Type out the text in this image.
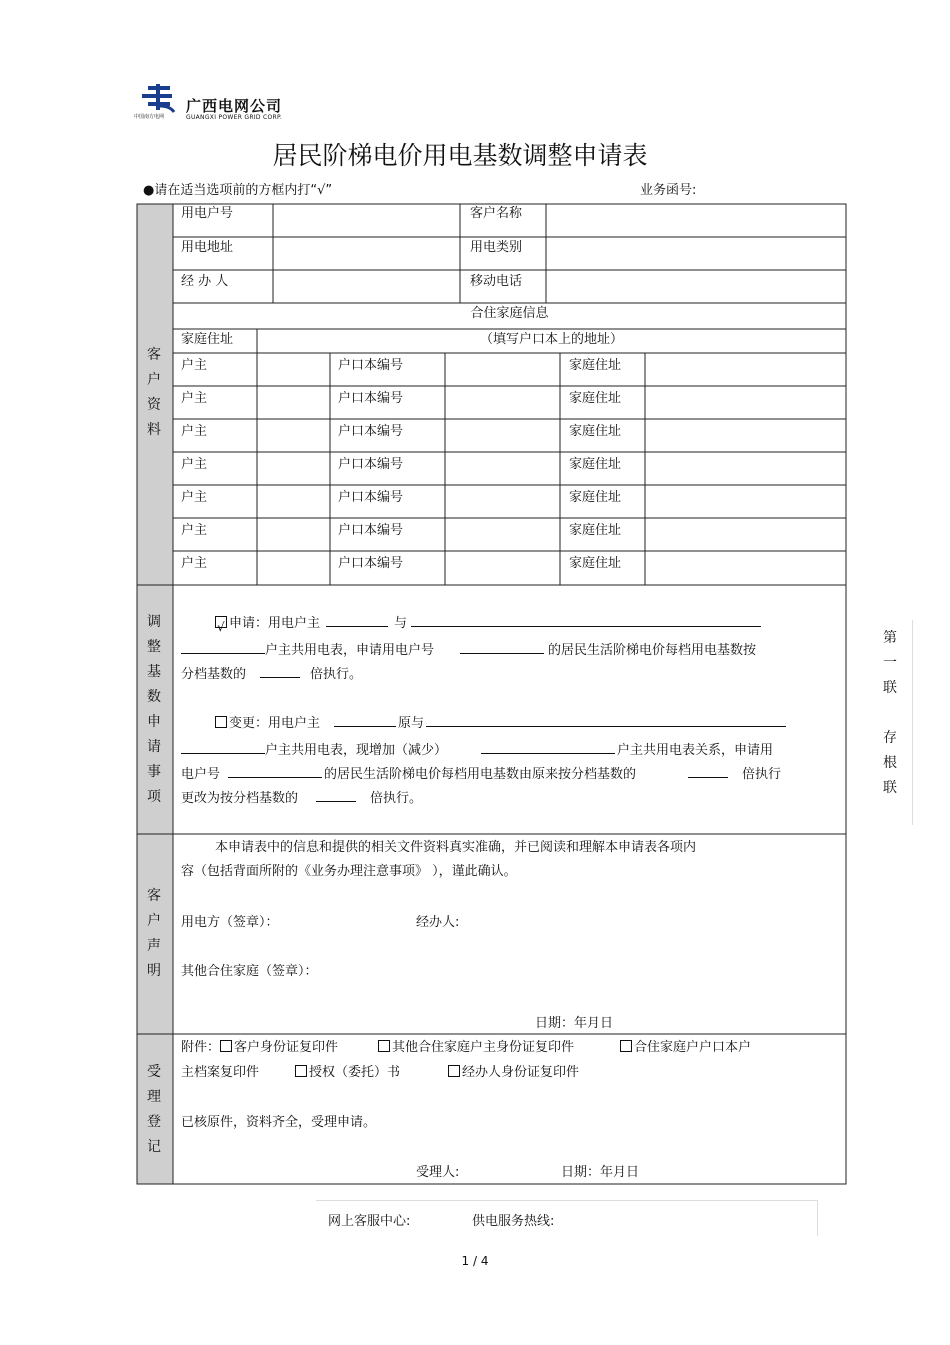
中国南方电网
广西电网公司
GUANGXI POWER GRID CORP.
居民阶梯电价用电基数调整申请表
●请在适当选项前的方框内打“√”	业务函号:
客
户
资
料
调
整
基
数
申
请
事
项
客
户
声
明
受
理
登
记
用电户号	客户名称
用电地址	用电类别
经 办 人	移动电话
合住家庭信息
家庭住址	（填写户口本上的地址）
户主	户口本编号	家庭住址
户主	户口本编号	家庭住址
户主	户口本编号	家庭住址
户主	户口本编号	家庭住址
户主	户口本编号	家庭住址
户主	户口本编号	家庭住址
户主	户口本编号	家庭住址
√申请：用电户主	与
户主共用电表，申请用电户号	的居民生活阶梯电价每档用电基数按
分档基数的	倍执行。
变更：用电户主	原与
户主共用电表，现增加（减少）	户主共用电表关系，申请用
电户号	的居民生活阶梯电价每档用电基数由原来按分档基数的	倍执行
更改为按分档基数的	倍执行。
本申请表中的信息和提供的相关文件资料真实准确，并已阅读和理解本申请表各项内
容（包括背面所附的《业务办理注意事项》 ），谨此确认。
用电方（签章）：	经办人:
其他合住家庭（签章）：
日期：年月日
附件： 客户身份证复印件	其他合住家庭户主身份证复印件	合住家庭户户口本户
主档案复印件	授权（委托）书	经办人身份证复印件
已核原件，资料齐全，受理申请。
受理人:	日期：年月日
第
一
联

存
根
联
网上客服中心:	供电服务热线:
1 / 4
